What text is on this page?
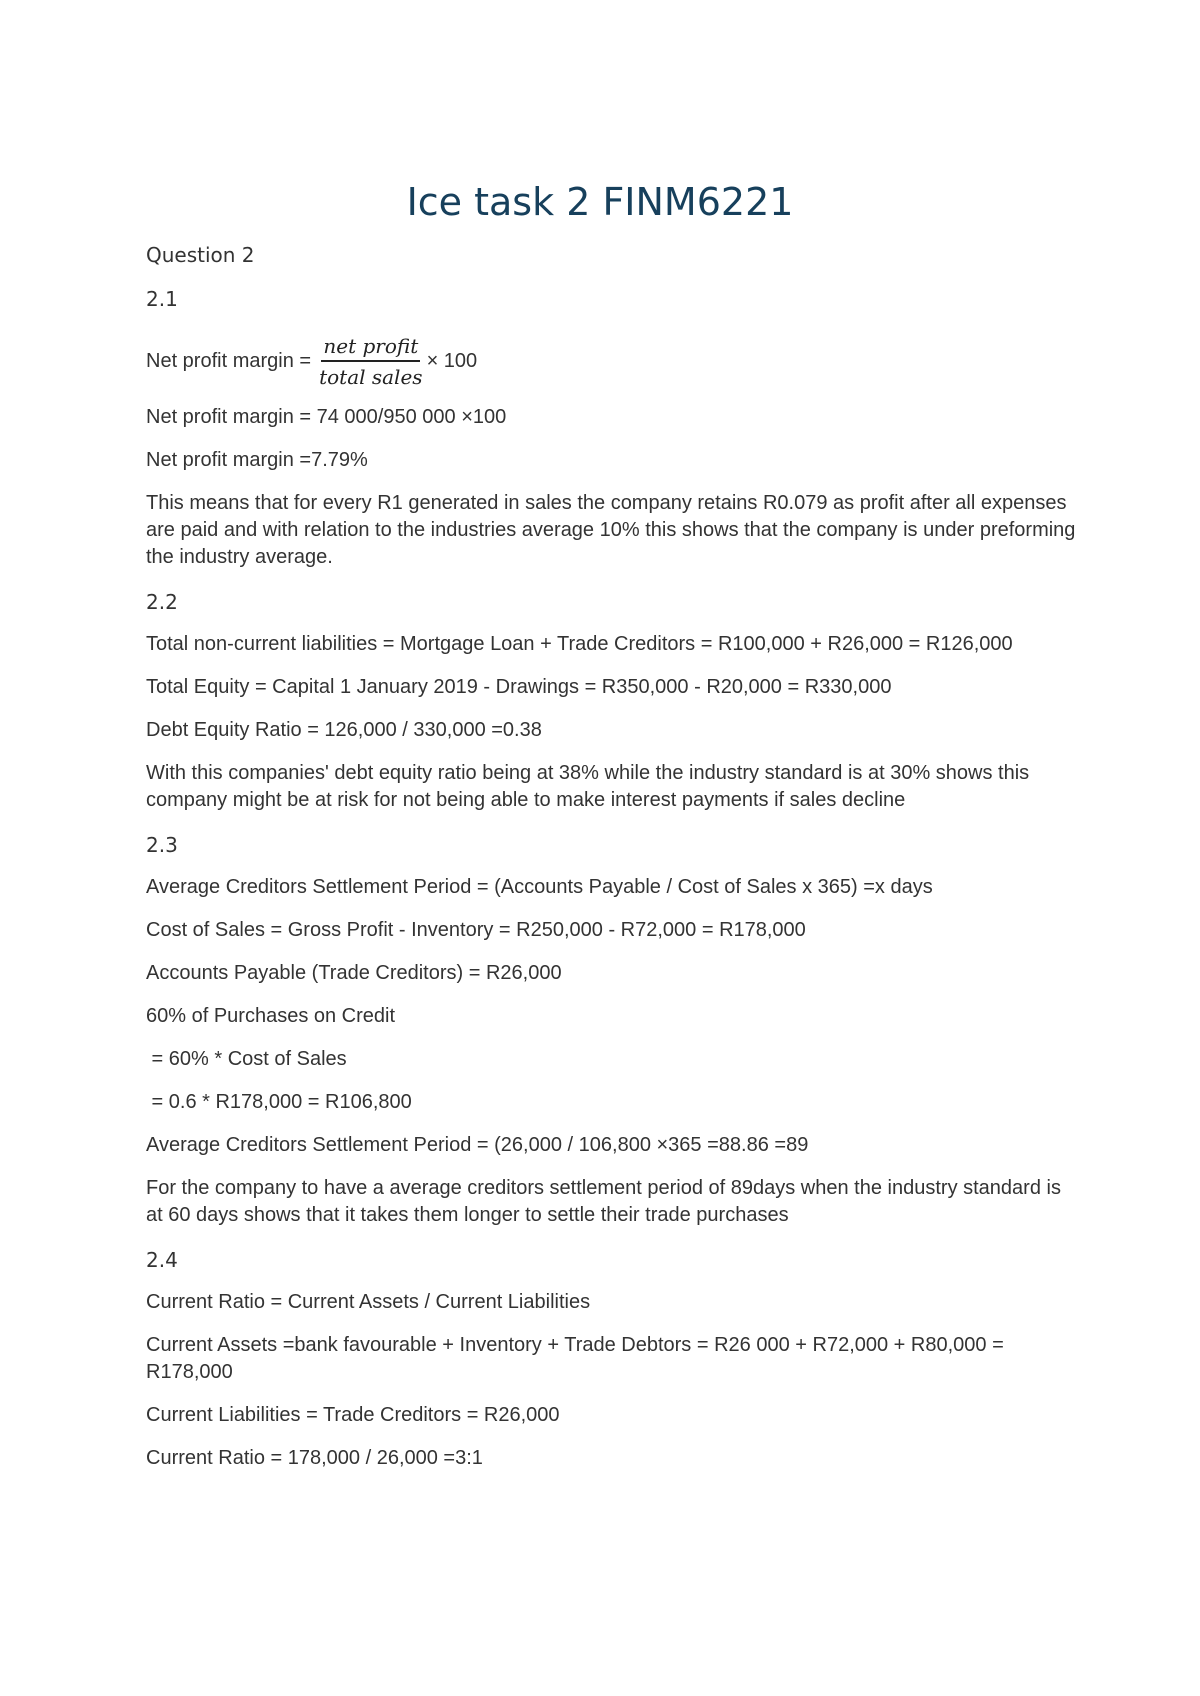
Ice task 2 FINM6221
Question 2
2.1
Net profit margin = $\frac{\text{net profit}}{\text{total sales}} \times 100$
Net profit margin = 74 000/950 000 ×100
Net profit margin =7.79%
This means that for every R1 generated in sales the company retains R0.079 as profit after all expenses are paid and with relation to the industries average 10% this shows that the company is under preforming the industry average.
2.2
Total non-current liabilities = Mortgage Loan + Trade Creditors = R100,000 + R26,000 = R126,000
Total Equity = Capital 1 January 2019 - Drawings = R350,000 - R20,000 = R330,000
Debt Equity Ratio = 126,000 / 330,000 =0.38
With this companies' debt equity ratio being at 38% while the industry standard is at 30% shows this company might be at risk for not being able to make interest payments if sales decline
2.3
Average Creditors Settlement Period = (Accounts Payable / Cost of Sales x 365) =x days
Cost of Sales = Gross Profit - Inventory = R250,000 - R72,000 = R178,000
Accounts Payable (Trade Creditors) = R26,000
60% of Purchases on Credit
= 60% * Cost of Sales
= 0.6 * R178,000 = R106,800
Average Creditors Settlement Period = (26,000 / 106,800 ×365 =88.86 =89
For the company to have a average creditors settlement period of 89days when the industry standard is at 60 days shows that it takes them longer to settle their trade purchases
2.4
Current Ratio = Current Assets / Current Liabilities
Current Assets =bank favourable + Inventory + Trade Debtors = R26 000 + R72,000 + R80,000 = R178,000
Current Liabilities = Trade Creditors = R26,000
Current Ratio = 178,000 / 26,000 =3:1
